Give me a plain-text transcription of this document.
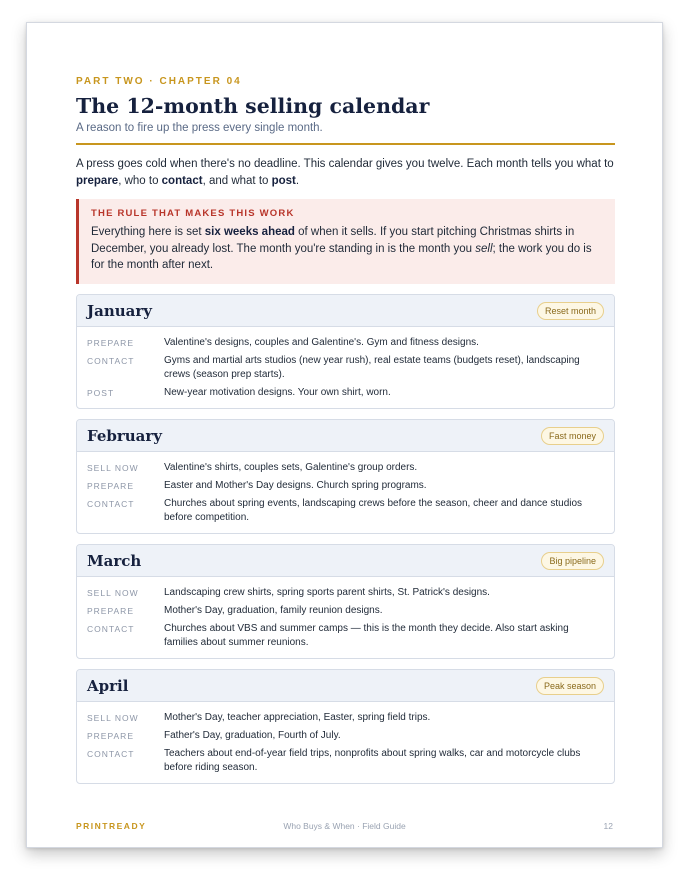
PART TWO · CHAPTER 04
The 12-month selling calendar
A reason to fire up the press every single month.

A press goes cold when there's no deadline. This calendar gives you twelve. Each month tells you what to prepare, who to contact, and what to post.

THE RULE THAT MAKES THIS WORK
Everything here is set six weeks ahead of when it sells. If you start pitching Christmas shirts in December, you already lost. The month you're standing in is the month you sell; the work you do is for the month after next.
January	Reset month
PREPARE	Valentine's designs, couples and Galentine's. Gym and fitness designs.
CONTACT	Gyms and martial arts studios (new year rush), real estate teams (budgets reset), landscaping crews (season prep starts).
POST	New-year motivation designs. Your own shirt, worn.
February	Fast money
SELL NOW	Valentine's shirts, couples sets, Galentine's group orders.
PREPARE	Easter and Mother's Day designs. Church spring programs.
CONTACT	Churches about spring events, landscaping crews before the season, cheer and dance studios before competition.
March	Big pipeline
SELL NOW	Landscaping crew shirts, spring sports parent shirts, St. Patrick's designs.
PREPARE	Mother's Day, graduation, family reunion designs.
CONTACT	Churches about VBS and summer camps — this is the month they decide. Also start asking families about summer reunions.
April	Peak season
SELL NOW	Mother's Day, teacher appreciation, Easter, spring field trips.
PREPARE	Father's Day, graduation, Fourth of July.
CONTACT	Teachers about end-of-year field trips, nonprofits about spring walks, car and motorcycle clubs before riding season.
Who Buys & When · Field Guide
PRINTREADY	12
